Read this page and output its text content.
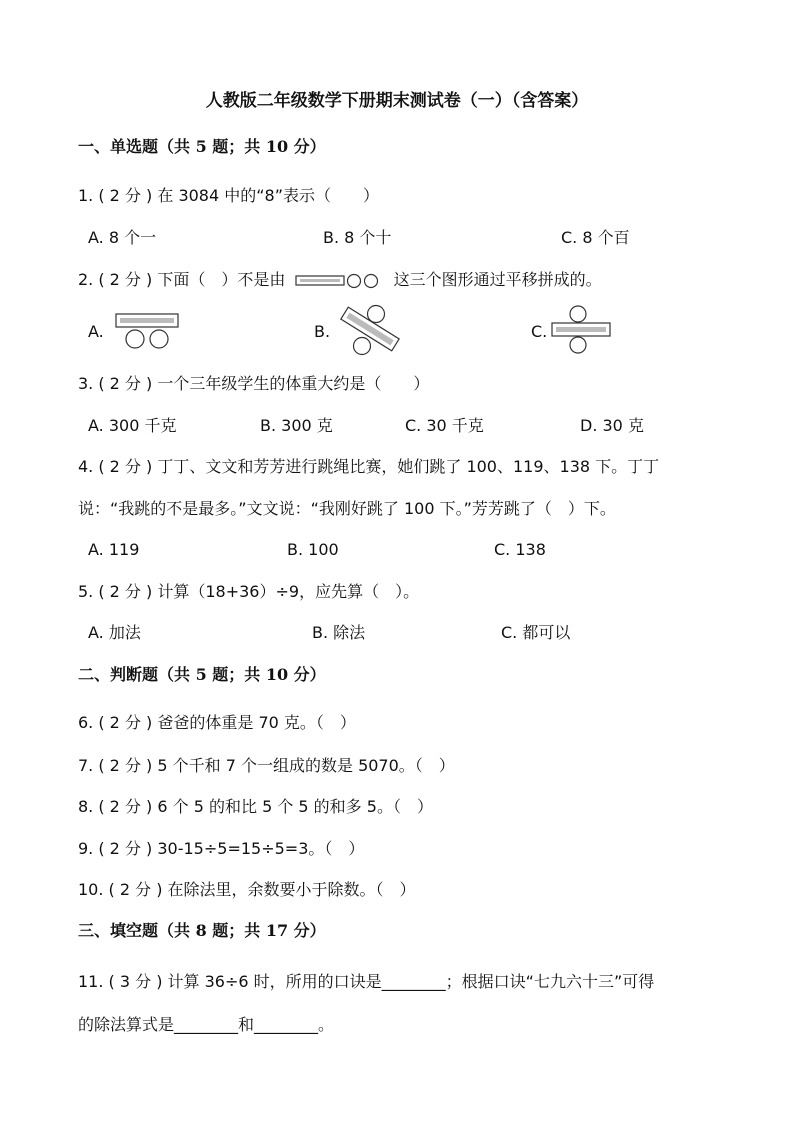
人教版二年级数学下册期末测试卷（一）（含答案）
一、单选题（共 5 题；共 10 分）
1. ( 2 分 ) 在 3084 中的“8”表示（　　）
A. 8 个一	B. 8 个十	C. 8 个百
2. ( 2 分 ) 下面（　）不是由	这三个图形通过平移拼成的。
A.	B.	C.
3. ( 2 分 ) 一个三年级学生的体重大约是（　　）
A. 300 千克	B. 300 克	C. 30 千克	D. 30 克
4. ( 2 分 ) 丁丁、文文和芳芳进行跳绳比赛，她们跳了 100、119、138 下。丁丁
说：“我跳的不是最多。”文文说：“我刚好跳了 100 下。”芳芳跳了（　）下。
A. 119	B. 100	C. 138
5. ( 2 分 ) 计算（18+36）÷9，应先算（　）。
A. 加法	B. 除法	C. 都可以
二、判断题（共 5 题；共 10 分）
6. ( 2 分 ) 爸爸的体重是 70 克。（　）
7. ( 2 分 ) 5 个千和 7 个一组成的数是 5070。（　）
8. ( 2 分 ) 6 个 5 的和比 5 个 5 的和多 5。（　）
9. ( 2 分 ) 30-15÷5=15÷5=3。（　）
10. ( 2 分 ) 在除法里，余数要小于除数。（　）
三、填空题（共 8 题；共 17 分）
11. ( 3 分 ) 计算 36÷6 时，所用的口诀是________；根据口诀“七九六十三”可得
的除法算式是________和________。
